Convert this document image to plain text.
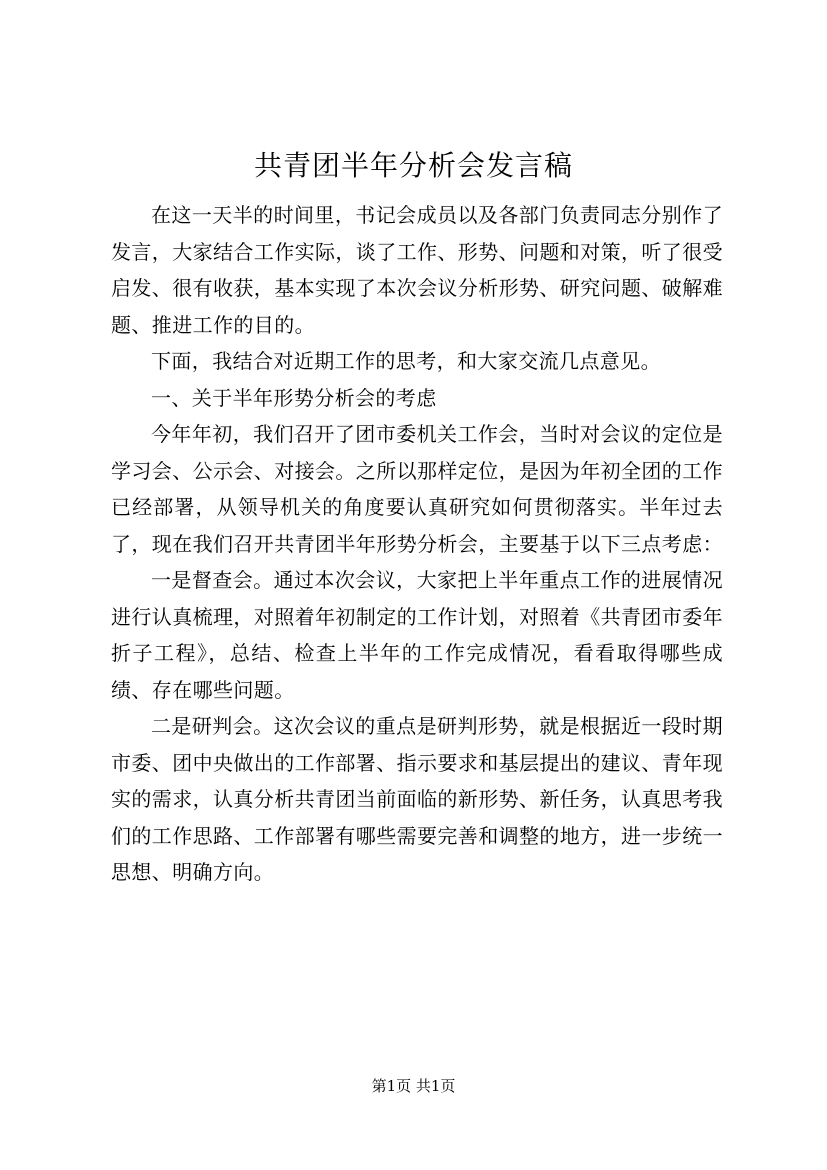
共青团半年分析会发言稿

在这一天半的时间里，书记会成员以及各部门负责同志分别作了发言，大家结合工作实际，谈了工作、形势、问题和对策，听了很受启发、很有收获，基本实现了本次会议分析形势、研究问题、破解难题、推进工作的目的。

下面，我结合对近期工作的思考，和大家交流几点意见。

一、关于半年形势分析会的考虑

今年年初，我们召开了团市委机关工作会，当时对会议的定位是学习会、公示会、对接会。之所以那样定位，是因为年初全团的工作已经部署，从领导机关的角度要认真研究如何贯彻落实。半年过去了，现在我们召开共青团半年形势分析会，主要基于以下三点考虑：

一是督查会。通过本次会议，大家把上半年重点工作的进展情况进行认真梳理，对照着年初制定的工作计划，对照着《共青团市委年折子工程》，总结、检查上半年的工作完成情况，看看取得哪些成绩、存在哪些问题。

二是研判会。这次会议的重点是研判形势，就是根据近一段时期市委、团中央做出的工作部署、指示要求和基层提出的建议、青年现实的需求，认真分析共青团当前面临的新形势、新任务，认真思考我们的工作思路、工作部署有哪些需要完善和调整的地方，进一步统一思想、明确方向。

第1页 共1页
